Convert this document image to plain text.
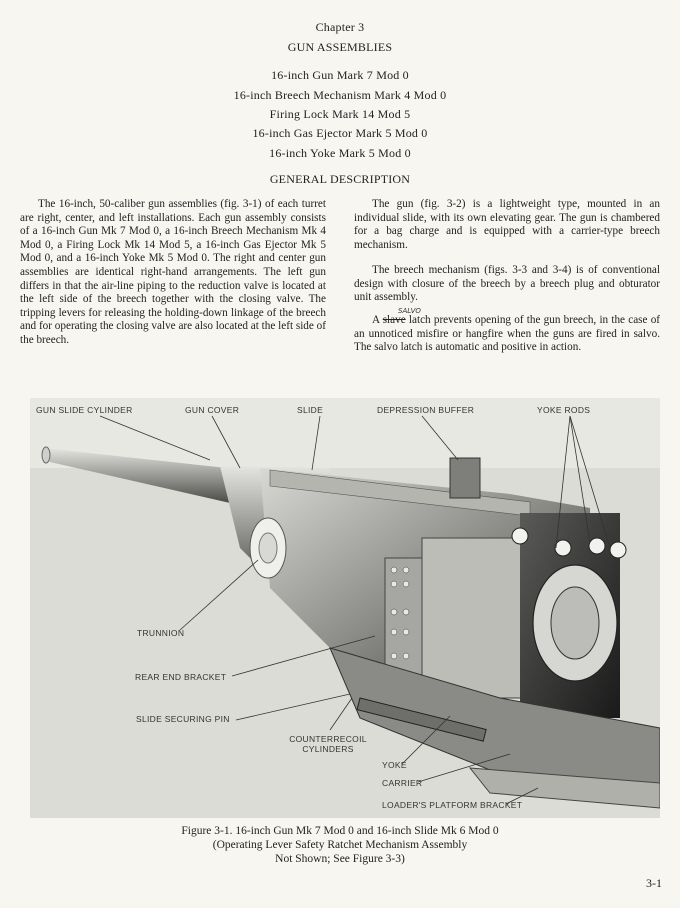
Chapter 3
GUN ASSEMBLIES
16-inch Gun Mark 7 Mod 0
16-inch Breech Mechanism Mark 4 Mod 0
Firing Lock Mark 14 Mod 5
16-inch Gas Ejector Mark 5 Mod 0
16-inch Yoke Mark 5 Mod 0
GENERAL DESCRIPTION

The 16-inch, 50-caliber gun assemblies (fig. 3-1) of each turret are right, center, and left installations. Each gun assembly consists of a 16-inch Gun Mk 7 Mod 0, a 16-inch Breech Mechanism Mk 4 Mod 0, a Firing Lock Mk 14 Mod 5, a 16-inch Gas Ejector Mk 5 Mod 0, and a 16-inch Yoke Mk 5 Mod 0. The right and center gun assemblies are identical right-hand arrangements. The left gun differs in that the air-line piping to the reduction valve is located at the left side of the breech together with the closing valve. The tripping levers for releasing the holding-down linkage of the breech and for operating the closing valve are also located at the left side of the breech.

The gun (fig. 3-2) is a lightweight type, mounted in an individual slide, with its own elevating gear. The gun is chambered for a bag charge and is equipped with a carrier-type breech mechanism.

The breech mechanism (figs. 3-3 and 3-4) is of conventional design with closure of the breech by a breech plug and obturator unit assembly.

SALVO

A slave latch prevents opening of the gun breech, in the case of an unnoticed misfire or hangfire when the guns are fired in salvo. The salvo latch is automatic and positive in action.

GUN SLIDE CYLINDER	GUN COVER	SLIDE	DEPRESSION BUFFER	YOKE RODS
TRUNNION
REAR END BRACKET
SLIDE SECURING PIN
COUNTERRECOIL CYLINDERS
YOKE
CARRIER
LOADER'S PLATFORM BRACKET
Figure 3-1. 16-inch Gun Mk 7 Mod 0 and 16-inch Slide Mk 6 Mod 0
(Operating Lever Safety Ratchet Mechanism Assembly
Not Shown; See Figure 3-3)
3-1
